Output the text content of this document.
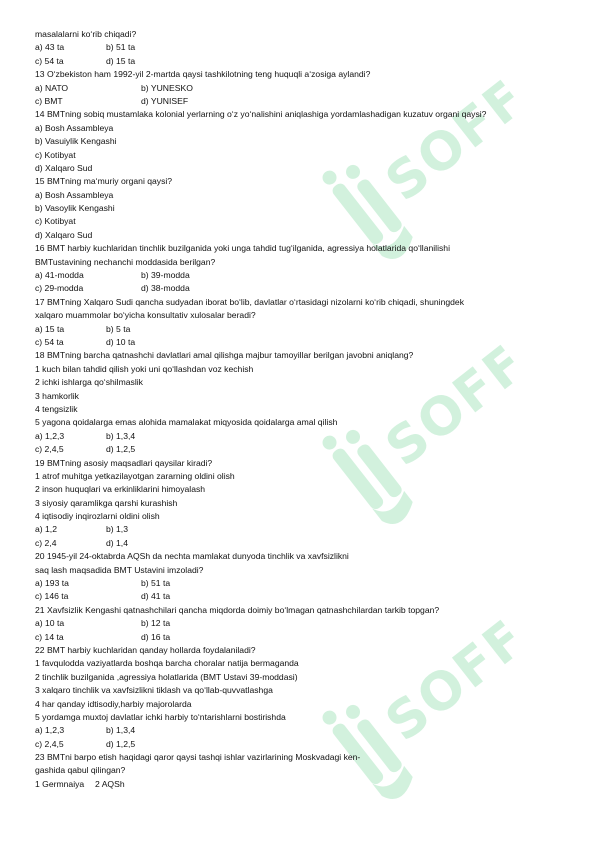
SOFF
SOFF
SOFF
masalalarni ko‘rib chiqadi?
a) 43 ta	b) 51 ta
c) 54 ta	d) 15 ta
13 O‘zbekiston ham 1992-yil 2-martda qaysi tashkilotning teng huquqli a‘zosiga aylandi?
a) NATO	b) YUNESKO
c) BMT	d) YUNISEF
14 BMTning sobiq mustamlaka kolonial yerlarning o‘z yo‘nalishini aniqlashiga yordamlashadigan kuzatuv organi qaysi?
a) Bosh Assambleya
b) Vasuiylik Kengashi
c) Kotibyat
d) Xalqaro Sud
15 BMTning ma‘muriy organi qaysi?
a) Bosh Assambleya
b) Vasoylik Kengashi
c) Kotibyat
d) Xalqaro Sud
16 BMT harbiy kuchlaridan tinchlik buzilganida yoki unga tahdid tug‘ilganida, agressiya holatlarida qo‘llanilishi
BMTustavining nechanchi moddasida berilgan?
a) 41-modda	b) 39-modda
c) 29-modda	d) 38-modda
17 BMTning Xalqaro Sudi qancha sudyadan iborat bo‘lib, davlatlar o‘rtasidagi nizolarni ko‘rib chiqadi, shuningdek
xalqaro muammolar bo‘yicha konsultativ xulosalar beradi?
a) 15 ta	b) 5 ta
c) 54 ta	d) 10 ta
18 BMTning barcha qatnashchi davlatlari amal qilishga majbur tamoyillar berilgan javobni aniqlang?
1 kuch bilan tahdid qilish yoki uni qo‘llashdan voz kechish
2 ichki ishlarga qo‘shilmaslik
3 hamkorlik
4 tengsizlik
5 yagona qoidalarga emas alohida mamalakat miqyosida qoidalarga amal qilish
a) 1,2,3	b) 1,3,4
c) 2,4,5	d) 1,2,5
19 BMTning asosiy maqsadlari qaysilar kiradi?
1 atrof muhitga yetkazilayotgan zararning oldini olish
2 inson huquqlari va erkinliklarini himoyalash
3 siyosiy qaramlikga qarshi kurashish
4 iqtisodiy inqirozlarni oldini olish
a) 1,2	b) 1,3
c) 2,4	d) 1,4
20 1945-yil 24-oktabrda AQSh da nechta mamlakat dunyoda tinchlik va xavfsizlikni
saq lash maqsadida BMT Ustavini imzoladi?
a) 193 ta	b) 51 ta
c) 146 ta	d) 41 ta
21 Xavfsizlik Kengashi qatnashchilari qancha miqdorda doimiy bo‘lmagan qatnashchilardan tarkib topgan?
a) 10 ta	b) 12 ta
c) 14 ta	d) 16 ta
22 BMT harbiy kuchlaridan qanday hollarda foydalaniladi?
1 favqulodda vaziyatlarda boshqa barcha choralar natija bermaganda
2 tinchlik buzilganida ,agressiya holatlarida (BMT Ustavi 39-moddasi)
3 xalqaro tinchlik va xavfsizlikni tiklash va qo‘llab-quvvatlashga
4 har qanday idtisodiy,harbiy majorolarda
5 yordamga muxtoj davlatlar ichki harbiy to‘ntarishlarni bostirishda
a) 1,2,3	b) 1,3,4
c) 2,4,5	d) 1,2,5
23 BMTni barpo etish haqidagi qaror qaysi tashqi ishlar vazirlarining Moskvadagi ken-
gashida qabul qilingan?
1 Germnaiya 2 AQSh
